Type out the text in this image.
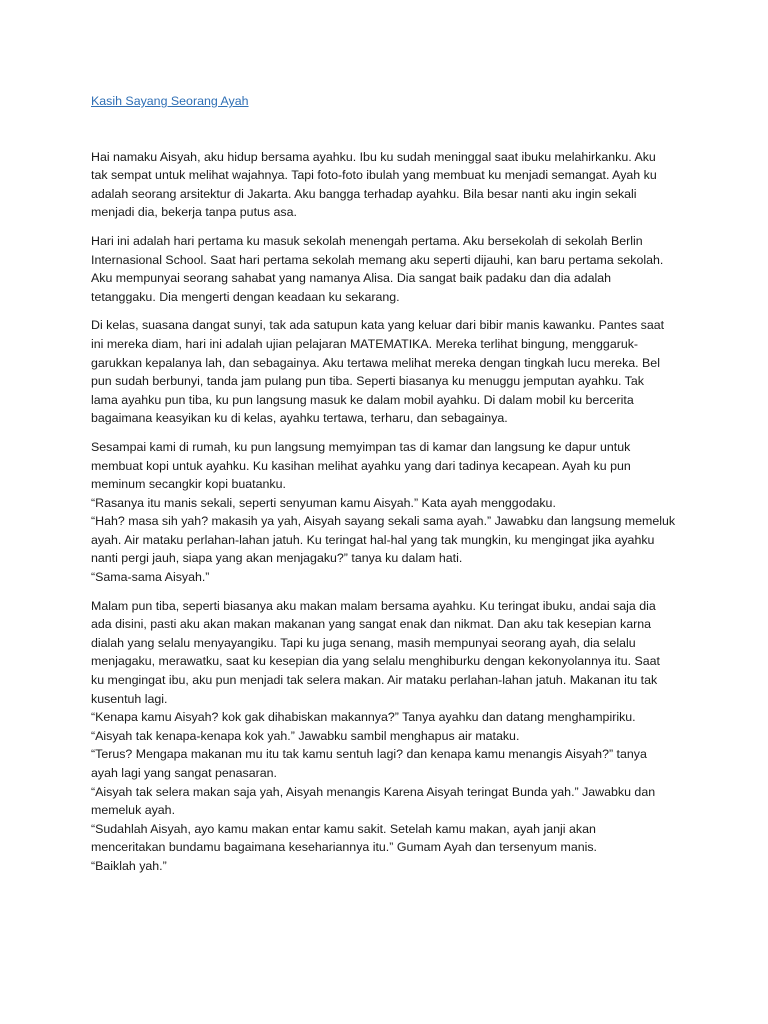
Kasih Sayang Seorang Ayah
Hai namaku Aisyah, aku hidup bersama ayahku. Ibu ku sudah meninggal saat ibuku melahirkanku. Aku
tak sempat untuk melihat wajahnya. Tapi foto-foto ibulah yang membuat ku menjadi semangat. Ayah ku
adalah seorang arsitektur di Jakarta. Aku bangga terhadap ayahku. Bila besar nanti aku ingin sekali
menjadi dia, bekerja tanpa putus asa.
Hari ini adalah hari pertama ku masuk sekolah menengah pertama. Aku bersekolah di sekolah Berlin
Internasional School. Saat hari pertama sekolah memang aku seperti dijauhi, kan baru pertama sekolah.
Aku mempunyai seorang sahabat yang namanya Alisa. Dia sangat baik padaku dan dia adalah
tetanggaku. Dia mengerti dengan keadaan ku sekarang.
Di kelas, suasana dangat sunyi, tak ada satupun kata yang keluar dari bibir manis kawanku. Pantes saat
ini mereka diam, hari ini adalah ujian pelajaran MATEMATIKA. Mereka terlihat bingung, menggaruk-
garukkan kepalanya lah, dan sebagainya. Aku tertawa melihat mereka dengan tingkah lucu mereka. Bel
pun sudah berbunyi, tanda jam pulang pun tiba. Seperti biasanya ku menuggu jemputan ayahku. Tak
lama ayahku pun tiba, ku pun langsung masuk ke dalam mobil ayahku. Di dalam mobil ku bercerita
bagaimana keasyikan ku di kelas, ayahku tertawa, terharu, dan sebagainya.
Sesampai kami di rumah, ku pun langsung memyimpan tas di kamar dan langsung ke dapur untuk
membuat kopi untuk ayahku. Ku kasihan melihat ayahku yang dari tadinya kecapean. Ayah ku pun
meminum secangkir kopi buatanku.
“Rasanya itu manis sekali, seperti senyuman kamu Aisyah.” Kata ayah menggodaku.
“Hah? masa sih yah? makasih ya yah, Aisyah sayang sekali sama ayah.” Jawabku dan langsung memeluk
ayah. Air mataku perlahan-lahan jatuh. Ku teringat hal-hal yang tak mungkin, ku mengingat jika ayahku
nanti pergi jauh, siapa yang akan menjagaku?” tanya ku dalam hati.
“Sama-sama Aisyah.”
Malam pun tiba, seperti biasanya aku makan malam bersama ayahku. Ku teringat ibuku, andai saja dia
ada disini, pasti aku akan makan makanan yang sangat enak dan nikmat. Dan aku tak kesepian karna
dialah yang selalu menyayangiku. Tapi ku juga senang, masih mempunyai seorang ayah, dia selalu
menjagaku, merawatku, saat ku kesepian dia yang selalu menghiburku dengan kekonyolannya itu. Saat
ku mengingat ibu, aku pun menjadi tak selera makan. Air mataku perlahan-lahan jatuh. Makanan itu tak
kusentuh lagi.
“Kenapa kamu Aisyah? kok gak dihabiskan makannya?” Tanya ayahku dan datang menghampiriku.
“Aisyah tak kenapa-kenapa kok yah.” Jawabku sambil menghapus air mataku.
“Terus? Mengapa makanan mu itu tak kamu sentuh lagi? dan kenapa kamu menangis Aisyah?” tanya
ayah lagi yang sangat penasaran.
“Aisyah tak selera makan saja yah, Aisyah menangis Karena Aisyah teringat Bunda yah.” Jawabku dan
memeluk ayah.
“Sudahlah Aisyah, ayo kamu makan entar kamu sakit. Setelah kamu makan, ayah janji akan
menceritakan bundamu bagaimana kesehariannya itu.” Gumam Ayah dan tersenyum manis.
“Baiklah yah.”
